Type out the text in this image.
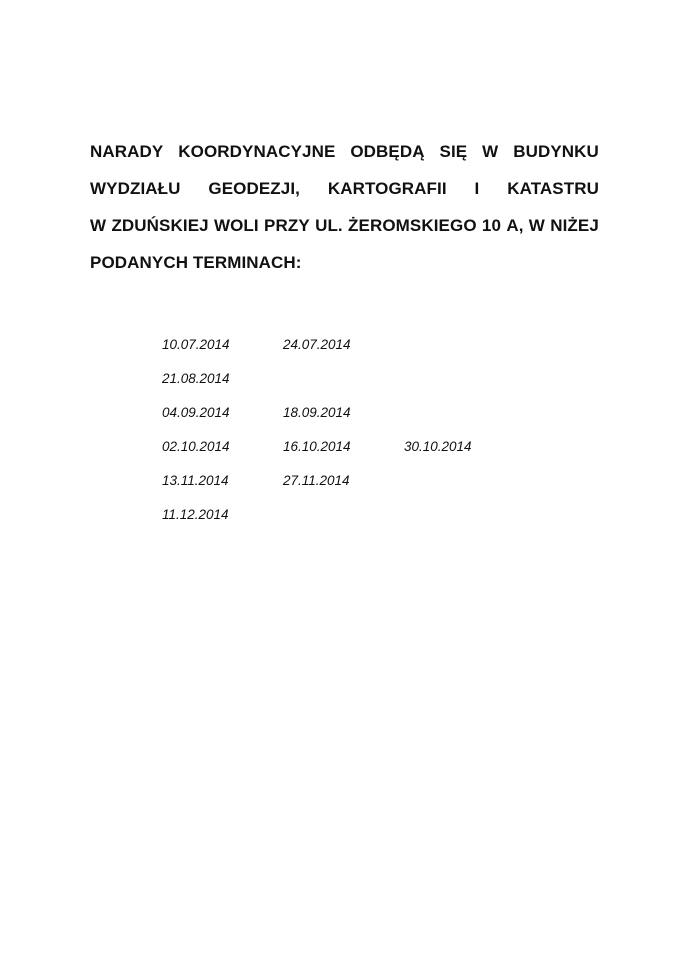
NARADY KOORDYNACYJNE ODBĘDĄ SIĘ W BUDYNKU
WYDZIAŁU GEODEZJI, KARTOGRAFII I KATASTRU
W ZDUŃSKIEJ WOLI PRZY UL. ŻEROMSKIEGO 10 A, W NIŻEJ
PODANYCH TERMINACH:
10.07.2014	24.07.2014
21.08.2014
04.09.2014	18.09.2014
02.10.2014	16.10.2014	30.10.2014
13.11.2014	27.11.2014
11.12.2014
